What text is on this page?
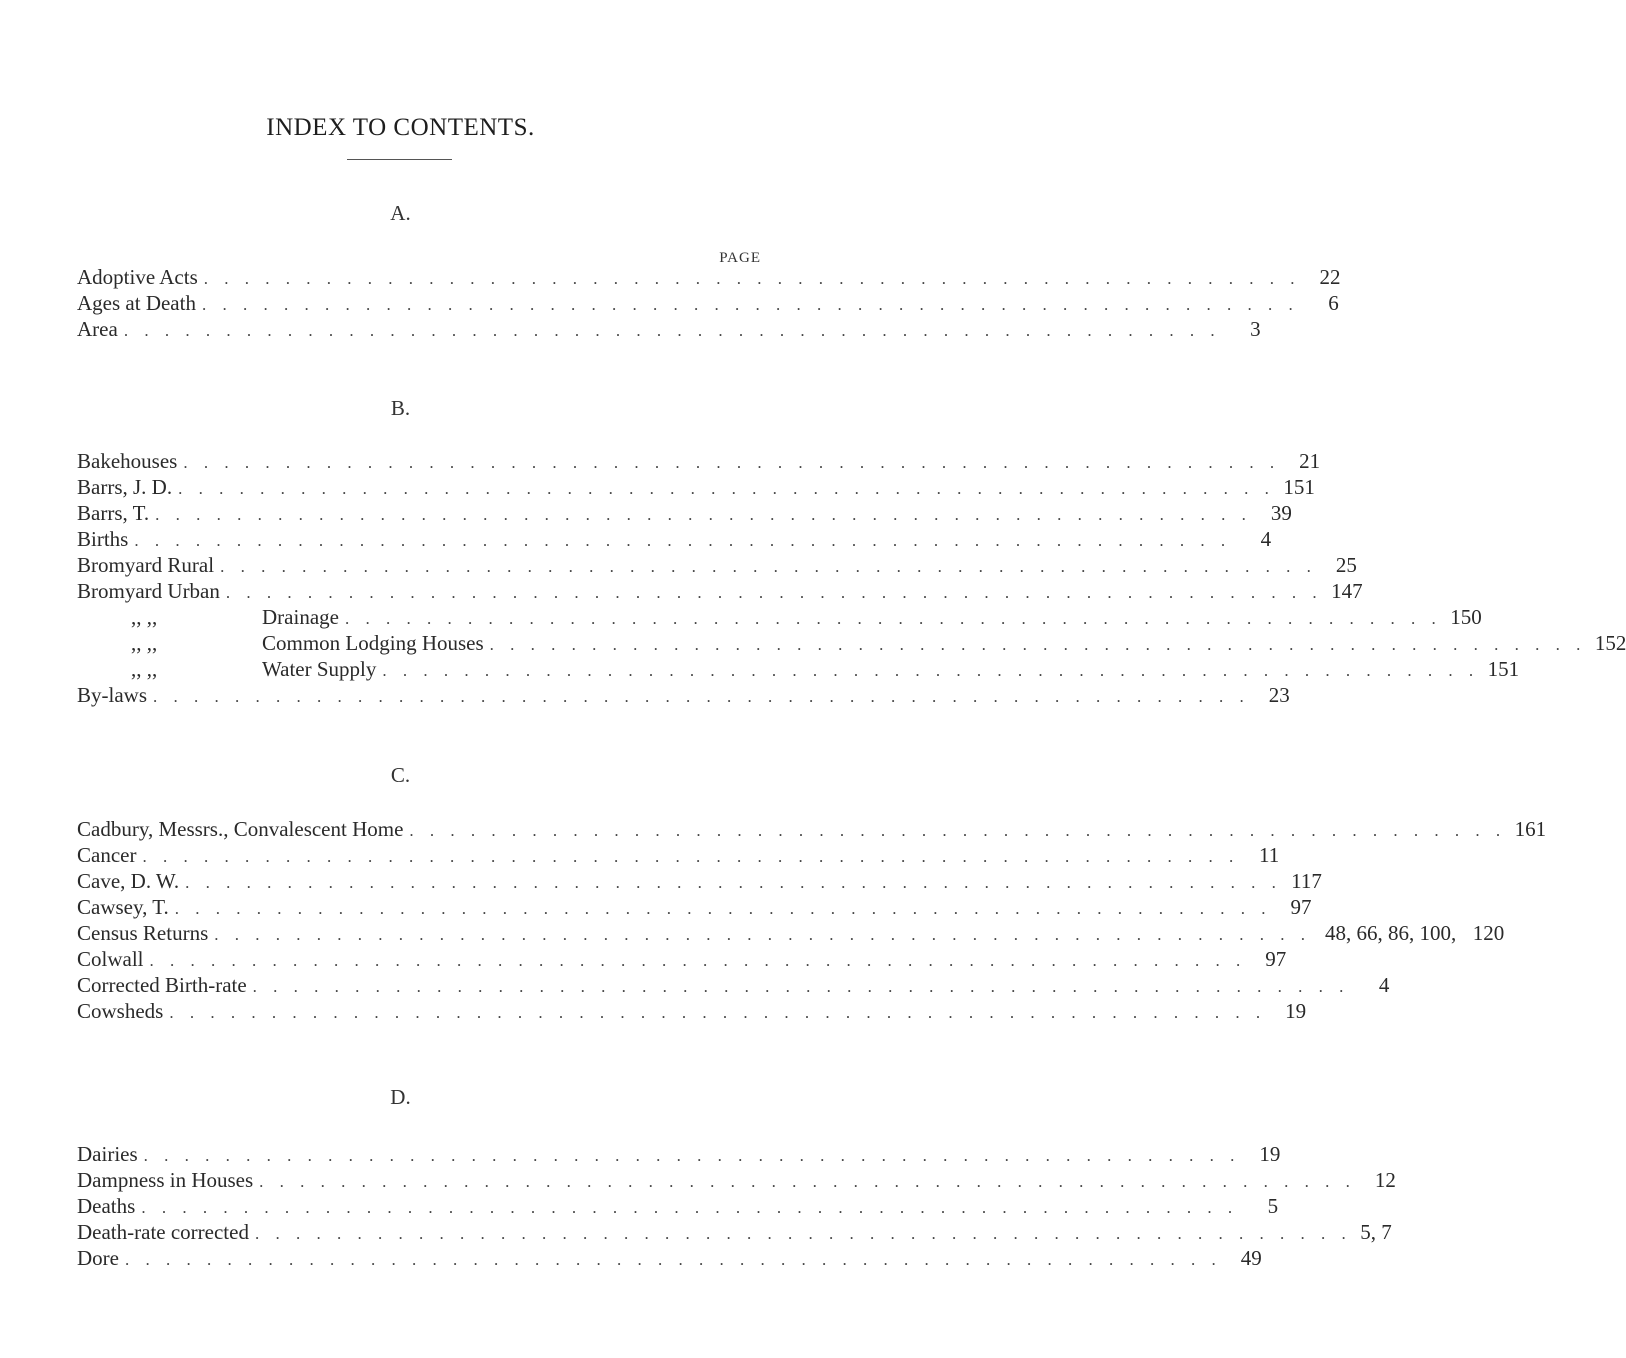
INDEX TO CONTENTS.
A.
PAGE
Adoptive Acts . . . . . . . . . . . . . . . . . . . . . . . . . . . . . . . . . . . . . . . . . . . . . . . . . . . . . . 22
Ages at Death . . . . . . . . . . . . . . . . . . . . . . . . . . . . . . . . . . . . . . . . . . . . . . . . . . . . . .	6
Area . . . . . . . . . . . . . . . . . . . . . . . . . . . . . . . . . . . . . . . . . . . . . . . . . . . . . .	3
B.
Bakehouses . . . . . . . . . . . . . . . . . . . . . . . . . . . . . . . . . . . . . . . . . . . . . . . . . . . . . . 21
Barrs, J. D. . . . . . . . . . . . . . . . . . . . . . . . . . . . . . . . . . . . . . . . . . . . . . . . . . . . . . . 151
Barrs, T. . . . . . . . . . . . . . . . . . . . . . . . . . . . . . . . . . . . . . . . . . . . . . . . . . . . . . . 39
Births . . . . . . . . . . . . . . . . . . . . . . . . . . . . . . . . . . . . . . . . . . . . . . . . . . . . . .	4
Bromyard Rural . . . . . . . . . . . . . . . . . . . . . . . . . . . . . . . . . . . . . . . . . . . . . . . . . . . . . . 25
Bromyard Urban . . . . . . . . . . . . . . . . . . . . . . . . . . . . . . . . . . . . . . . . . . . . . . . . . . . . . . 147
,, ,,	Drainage . . . . . . . . . . . . . . . . . . . . . . . . . . . . . . . . . . . . . . . . . . . . . . . . . . . . . . 150
,, ,,	Common Lodging Houses . . . . . . . . . . . . . . . . . . . . . . . . . . . . . . . . . . . . . . . . . . . . . . . . . . . . . . 152
,, ,,	Water Supply . . . . . . . . . . . . . . . . . . . . . . . . . . . . . . . . . . . . . . . . . . . . . . . . . . . . . . 151
By-laws . . . . . . . . . . . . . . . . . . . . . . . . . . . . . . . . . . . . . . . . . . . . . . . . . . . . . . 23
C.
Cadbury, Messrs., Convalescent Home . . . . . . . . . . . . . . . . . . . . . . . . . . . . . . . . . . . . . . . . . . . . . . . . . . . . . . 161
Cancer . . . . . . . . . . . . . . . . . . . . . . . . . . . . . . . . . . . . . . . . . . . . . . . . . . . . . . 11
Cave, D. W. . . . . . . . . . . . . . . . . . . . . . . . . . . . . . . . . . . . . . . . . . . . . . . . . . . . . . . 117
Cawsey, T. . . . . . . . . . . . . . . . . . . . . . . . . . . . . . . . . . . . . . . . . . . . . . . . . . . . . . . 97
Census Returns . . . . . . . . . . . . . . . . . . . . . . . . . . . . . . . . . . . . . . . . . . . . . . . . . . . . . . 48, 66, 86, 100, 120
Colwall . . . . . . . . . . . . . . . . . . . . . . . . . . . . . . . . . . . . . . . . . . . . . . . . . . . . . . 97
Corrected Birth-rate . . . . . . . . . . . . . . . . . . . . . . . . . . . . . . . . . . . . . . . . . . . . . . . . . . . . . .	4
Cowsheds . . . . . . . . . . . . . . . . . . . . . . . . . . . . . . . . . . . . . . . . . . . . . . . . . . . . . . 19
D.
Dairies . . . . . . . . . . . . . . . . . . . . . . . . . . . . . . . . . . . . . . . . . . . . . . . . . . . . . . 19
Dampness in Houses . . . . . . . . . . . . . . . . . . . . . . . . . . . . . . . . . . . . . . . . . . . . . . . . . . . . . . 12
Deaths . . . . . . . . . . . . . . . . . . . . . . . . . . . . . . . . . . . . . . . . . . . . . . . . . . . . . .	5
Death-rate corrected . . . . . . . . . . . . . . . . . . . . . . . . . . . . . . . . . . . . . . . . . . . . . . . . . . . . . . 5, 7
Dore . . . . . . . . . . . . . . . . . . . . . . . . . . . . . . . . . . . . . . . . . . . . . . . . . . . . . . 49
